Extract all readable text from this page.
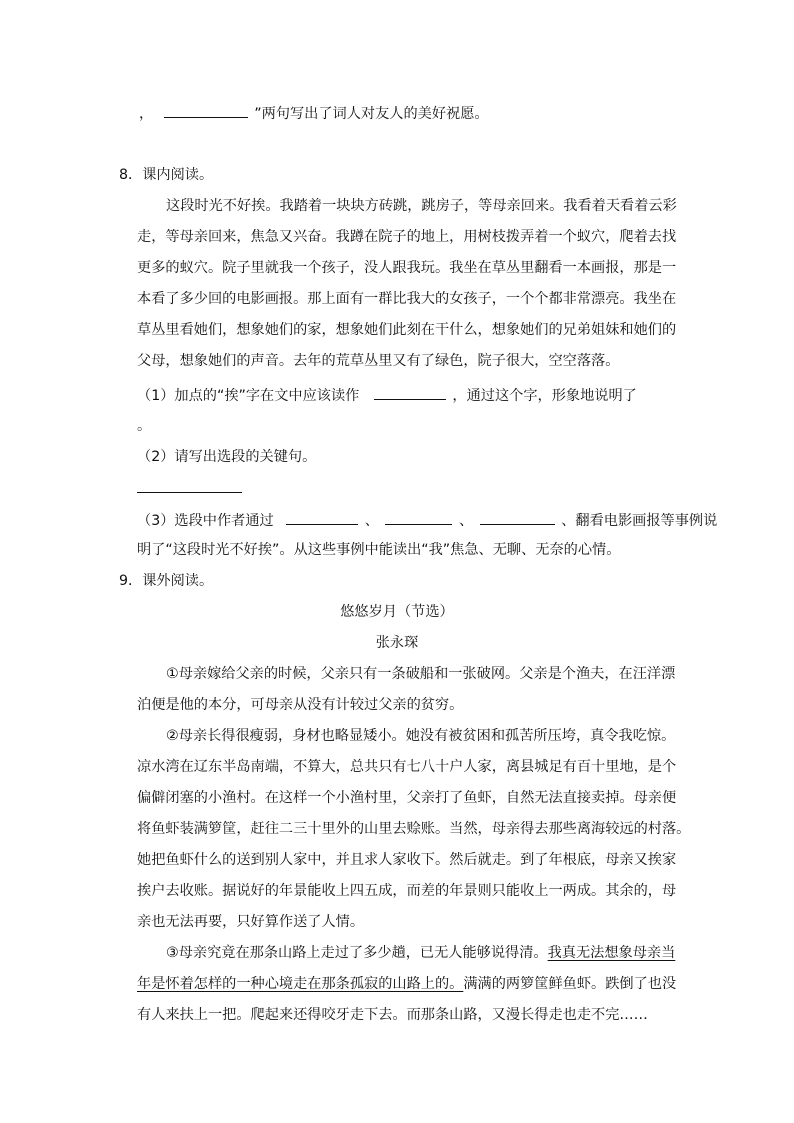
，	”两句写出了词人对友人的美好祝愿。
8．课内阅读。
这段时光不好挨。我踏着一块块方砖跳，跳房子，等母亲回来。我看着天看着云彩
走，等母亲回来，焦急又兴奋。我蹲在院子的地上，用树枝拨弄着一个蚁穴，爬着去找
更多的蚁穴。院子里就我一个孩子，没人跟我玩。我坐在草丛里翻看一本画报，那是一
本看了多少回的电影画报。那上面有一群比我大的女孩子，一个个都非常漂亮。我坐在
草丛里看她们，想象她们的家，想象她们此刻在干什么，想象她们的兄弟姐妹和她们的
父母，想象她们的声音。去年的荒草丛里又有了绿色，院子很大，空空落落。
（1）加点的“挨”字在文中应该读作	，通过这个字，形象地说明了
。
（2）请写出选段的关键句。
（3）选段中作者通过	、	、	、翻看电影画报等事例说
明了“这段时光不好挨”。从这些事例中能读出“我”焦急、无聊、无奈的心情。
9．课外阅读。
悠悠岁月（节选）
张永琛
①母亲嫁给父亲的时候，父亲只有一条破船和一张破网。父亲是个渔夫，在汪洋漂
泊便是他的本分，可母亲从没有计较过父亲的贫穷。
②母亲长得很瘦弱，身材也略显矮小。她没有被贫困和孤苦所压垮，真令我吃惊。
凉水湾在辽东半岛南端，不算大，总共只有七八十户人家，离县城足有百十里地，是个
偏僻闭塞的小渔村。在这样一个小渔村里，父亲打了鱼虾，自然无法直接卖掉。母亲便
将鱼虾装满箩筐，赶往二三十里外的山里去赊账。当然，母亲得去那些离海较远的村落。
她把鱼虾什么的送到别人家中，并且求人家收下。然后就走。到了年根底，母亲又挨家
挨户去收账。据说好的年景能收上四五成，而差的年景则只能收上一两成。其余的，母
亲也无法再要，只好算作送了人情。
③母亲究竟在那条山路上走过了多少趟，已无人能够说得清。我真无法想象母亲当
年是怀着怎样的一种心境走在那条孤寂的山路上的。满满的两箩筐鲜鱼虾。跌倒了也没
有人来扶上一把。爬起来还得咬牙走下去。而那条山路，又漫长得走也走不完……
